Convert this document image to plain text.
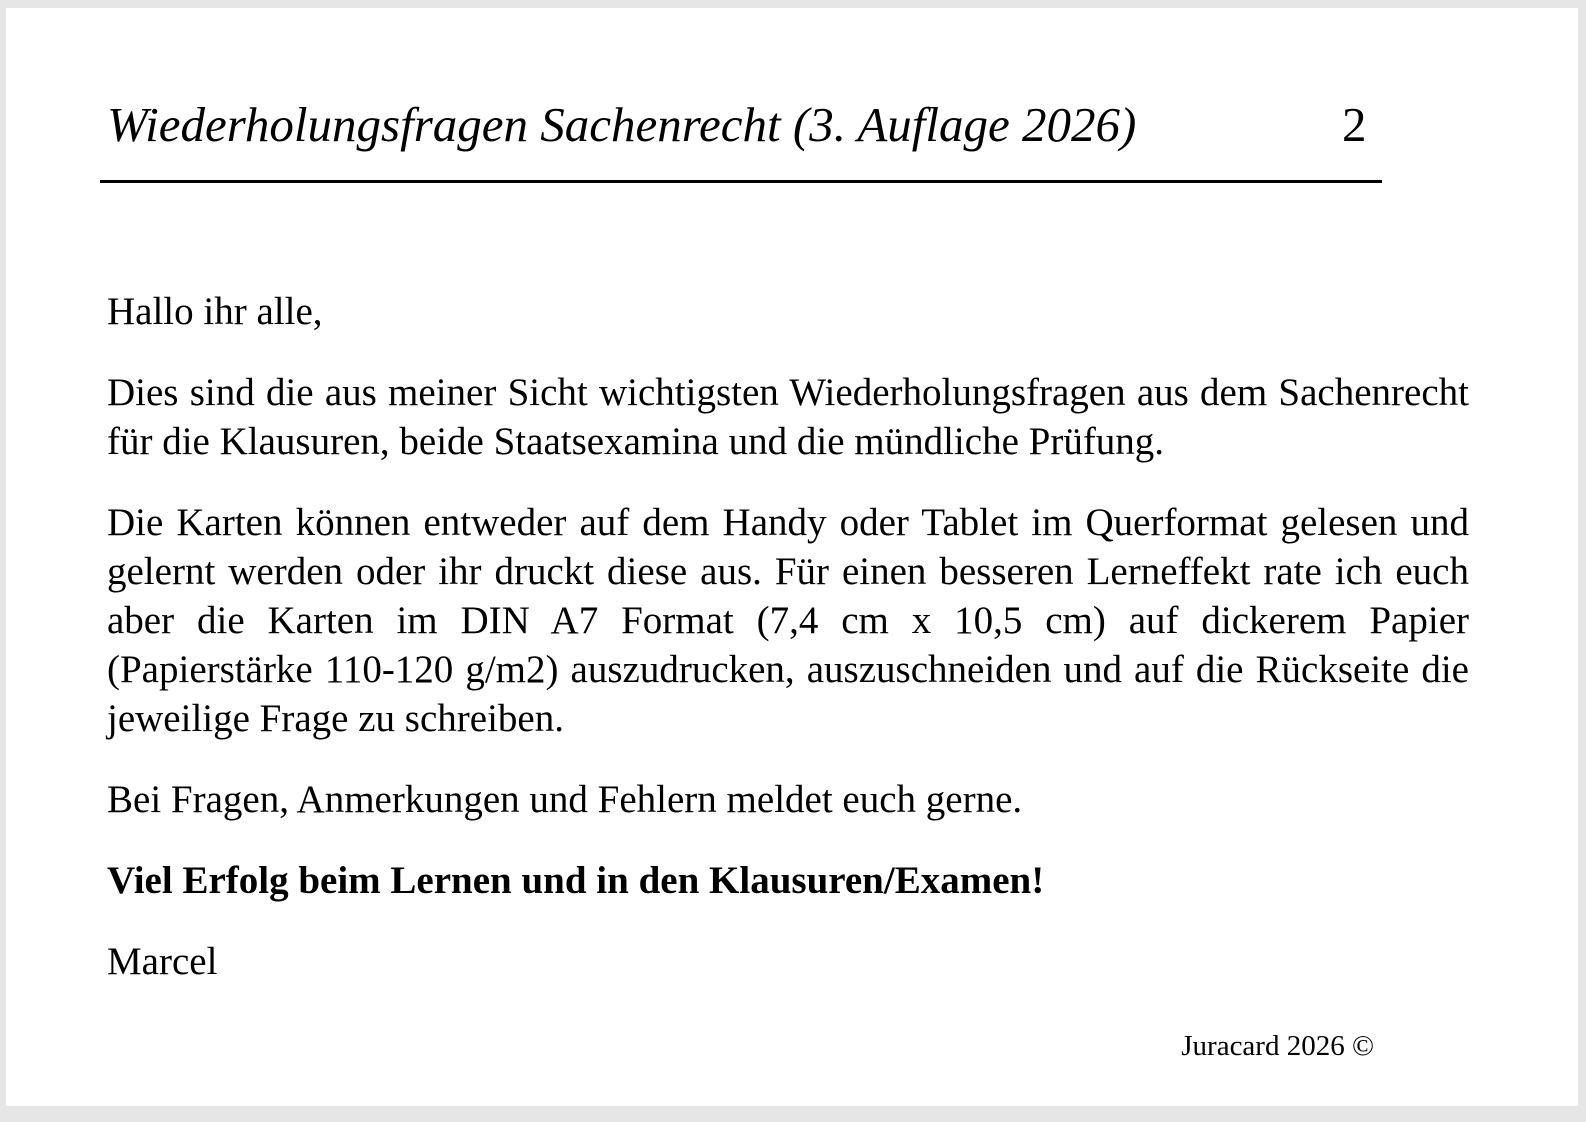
Wiederholungsfragen Sachenrecht (3. Auflage 2026)	2

Hallo ihr alle,

Dies sind die aus meiner Sicht wichtigsten Wiederholungsfragen aus dem Sachenrecht für die Klausuren, beide Staatsexamina und die mündliche Prüfung.

Die Karten können entweder auf dem Handy oder Tablet im Querformat gelesen und gelernt werden oder ihr druckt diese aus. Für einen besseren Lerneffekt rate ich euch aber die Karten im DIN A7 Format (7,4 cm x 10,5 cm) auf dickerem Papier (Papierstärke 110-120 g/m2) auszudrucken, auszuschneiden und auf die Rückseite die jeweilige Frage zu schreiben.

Bei Fragen, Anmerkungen und Fehlern meldet euch gerne.

Viel Erfolg beim Lernen und in den Klausuren/Examen!

Marcel

Juracard 2026 ©
